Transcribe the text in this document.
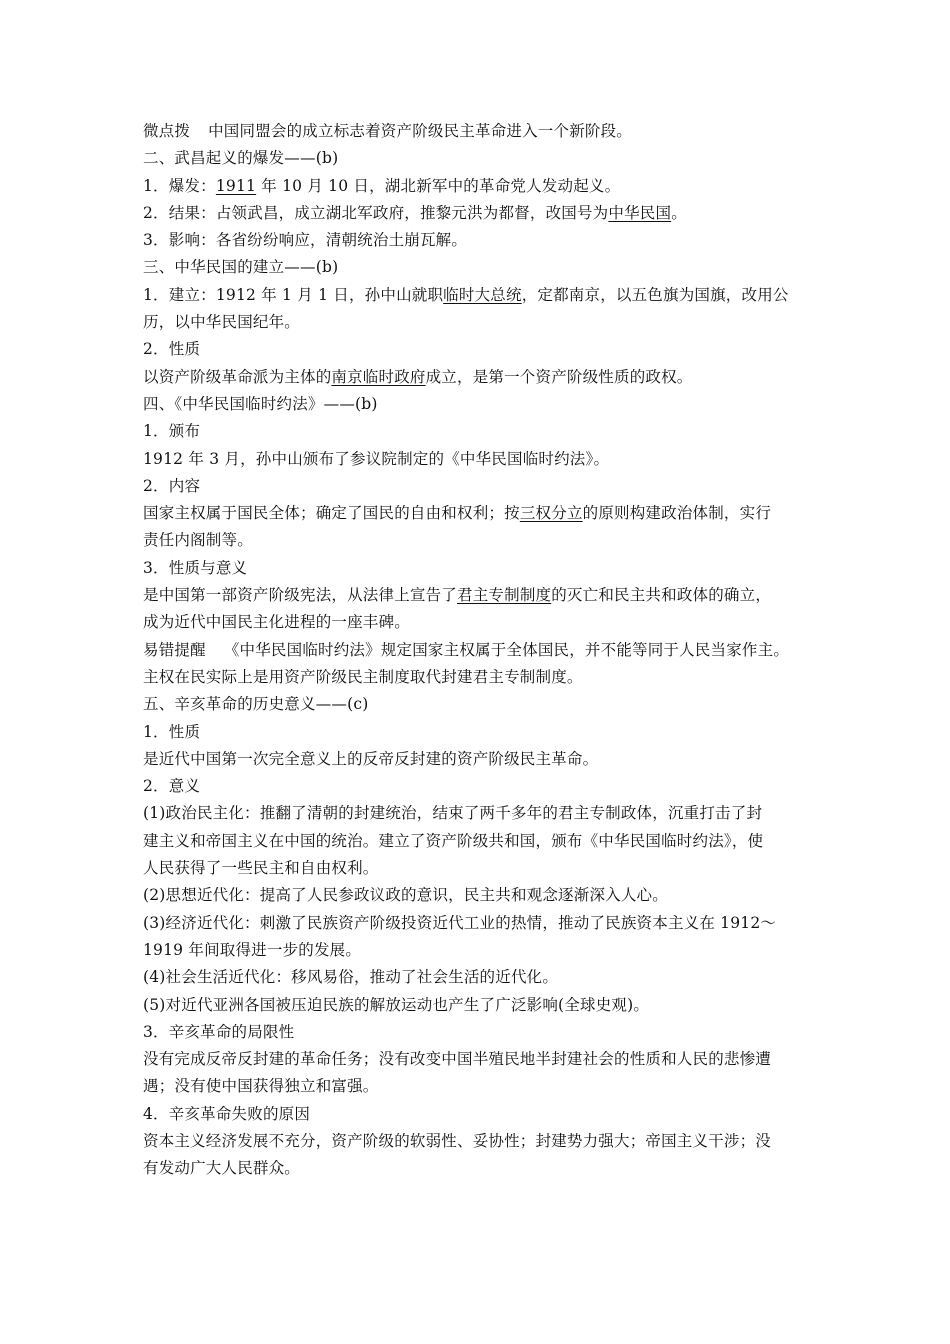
微点拨 中国同盟会的成立标志着资产阶级民主革命进入一个新阶段。
二、武昌起义的爆发——(b)
1．爆发：1911 年 10 月 10 日，湖北新军中的革命党人发动起义。
2．结果：占领武昌，成立湖北军政府，推黎元洪为都督，改国号为中华民国。
3．影响：各省纷纷响应，清朝统治土崩瓦解。
三、中华民国的建立——(b)
1．建立：1912 年 1 月 1 日，孙中山就职临时大总统，定都南京，以五色旗为国旗，改用公
历，以中华民国纪年。
2．性质
以资产阶级革命派为主体的南京临时政府成立，是第一个资产阶级性质的政权。
四、《中华民国临时约法》——(b)
1．颁布
1912 年 3 月，孙中山颁布了参议院制定的《中华民国临时约法》。
2．内容
国家主权属于国民全体；确定了国民的自由和权利；按三权分立的原则构建政治体制，实行
责任内阁制等。
3．性质与意义
是中国第一部资产阶级宪法，从法律上宣告了君主专制制度的灭亡和民主共和政体的确立，
成为近代中国民主化进程的一座丰碑。
易错提醒 《中华民国临时约法》规定国家主权属于全体国民，并不能等同于人民当家作主。
主权在民实际上是用资产阶级民主制度取代封建君主专制制度。
五、辛亥革命的历史意义——(c)
1．性质
是近代中国第一次完全意义上的反帝反封建的资产阶级民主革命。
2．意义
(1)政治民主化：推翻了清朝的封建统治，结束了两千多年的君主专制政体，沉重打击了封
建主义和帝国主义在中国的统治。建立了资产阶级共和国，颁布《中华民国临时约法》，使
人民获得了一些民主和自由权利。
(2)思想近代化：提高了人民参政议政的意识，民主共和观念逐渐深入人心。
(3)经济近代化：刺激了民族资产阶级投资近代工业的热情，推动了民族资本主义在 1912～
1919 年间取得进一步的发展。
(4)社会生活近代化：移风易俗，推动了社会生活的近代化。
(5)对近代亚洲各国被压迫民族的解放运动也产生了广泛影响(全球史观)。
3．辛亥革命的局限性
没有完成反帝反封建的革命任务；没有改变中国半殖民地半封建社会的性质和人民的悲惨遭
遇；没有使中国获得独立和富强。
4．辛亥革命失败的原因
资本主义经济发展不充分，资产阶级的软弱性、妥协性；封建势力强大；帝国主义干涉；没
有发动广大人民群众。
